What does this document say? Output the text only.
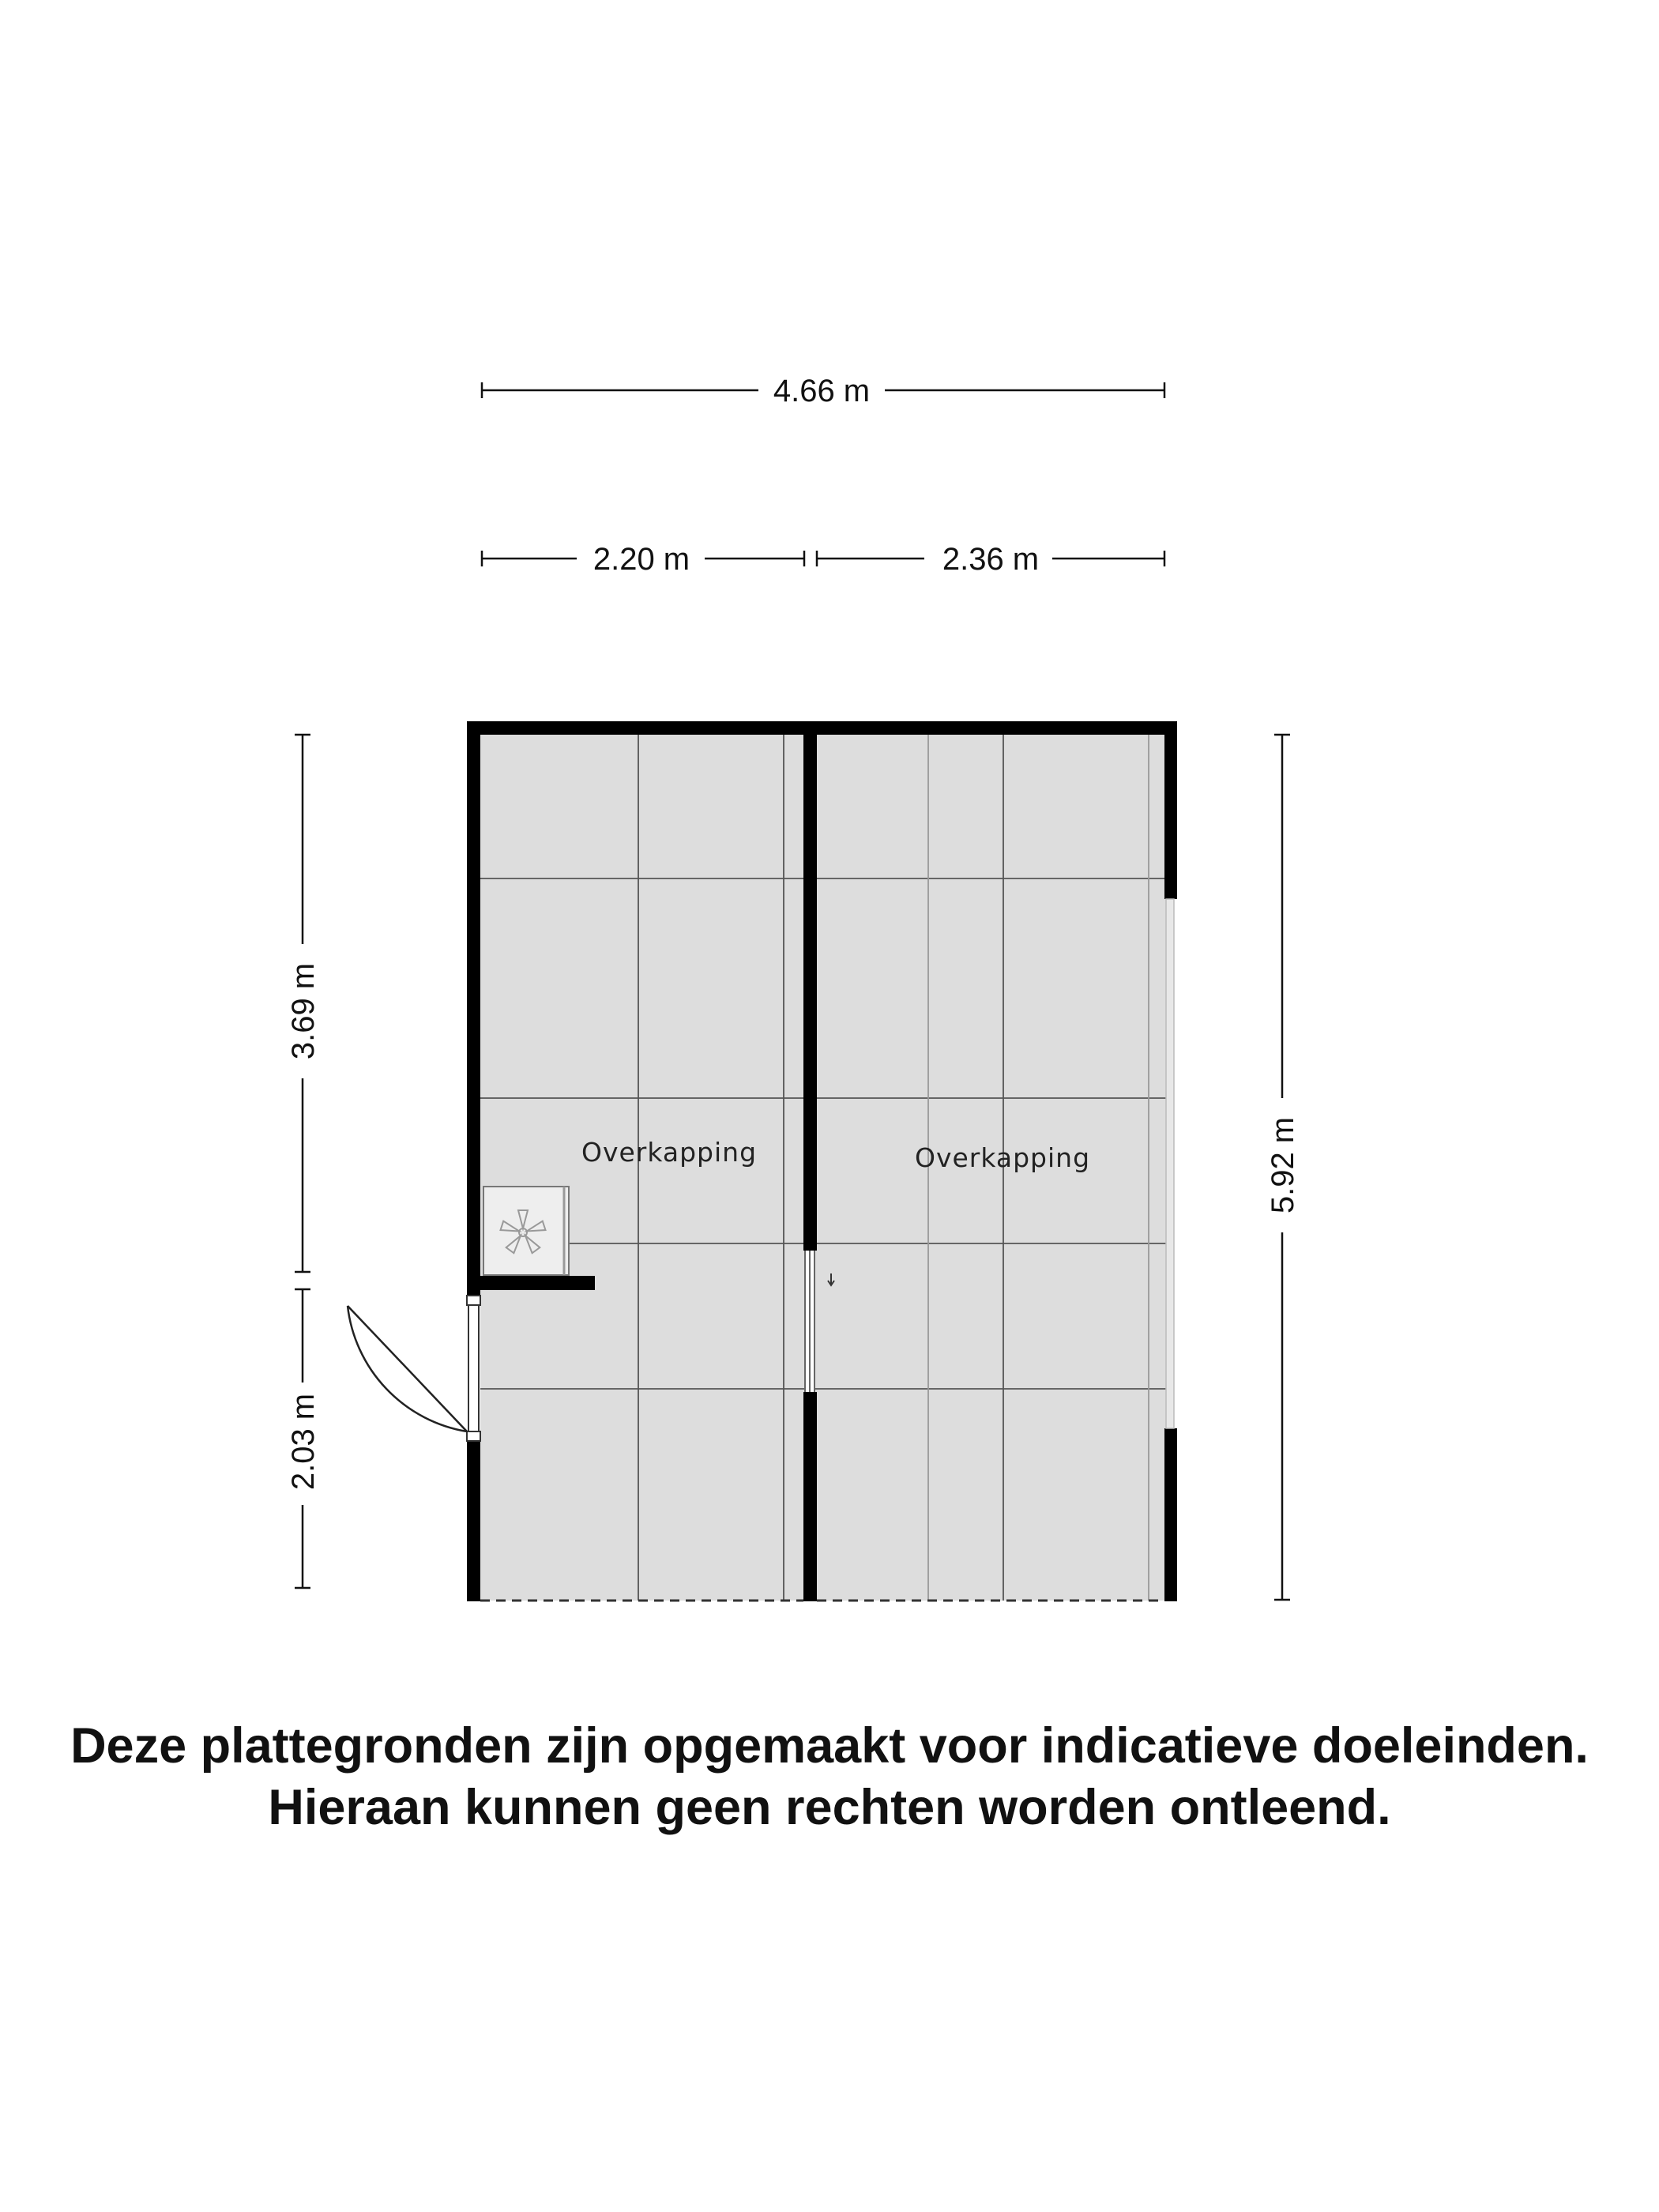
4.66 m
2.20 m	2.36 m
3.69 m
2.03 m
5.92 m
Overkapping	Overkapping
Deze plattegronden zijn opgemaakt voor indicatieve doeleinden.
Hieraan kunnen geen rechten worden ontleend.
